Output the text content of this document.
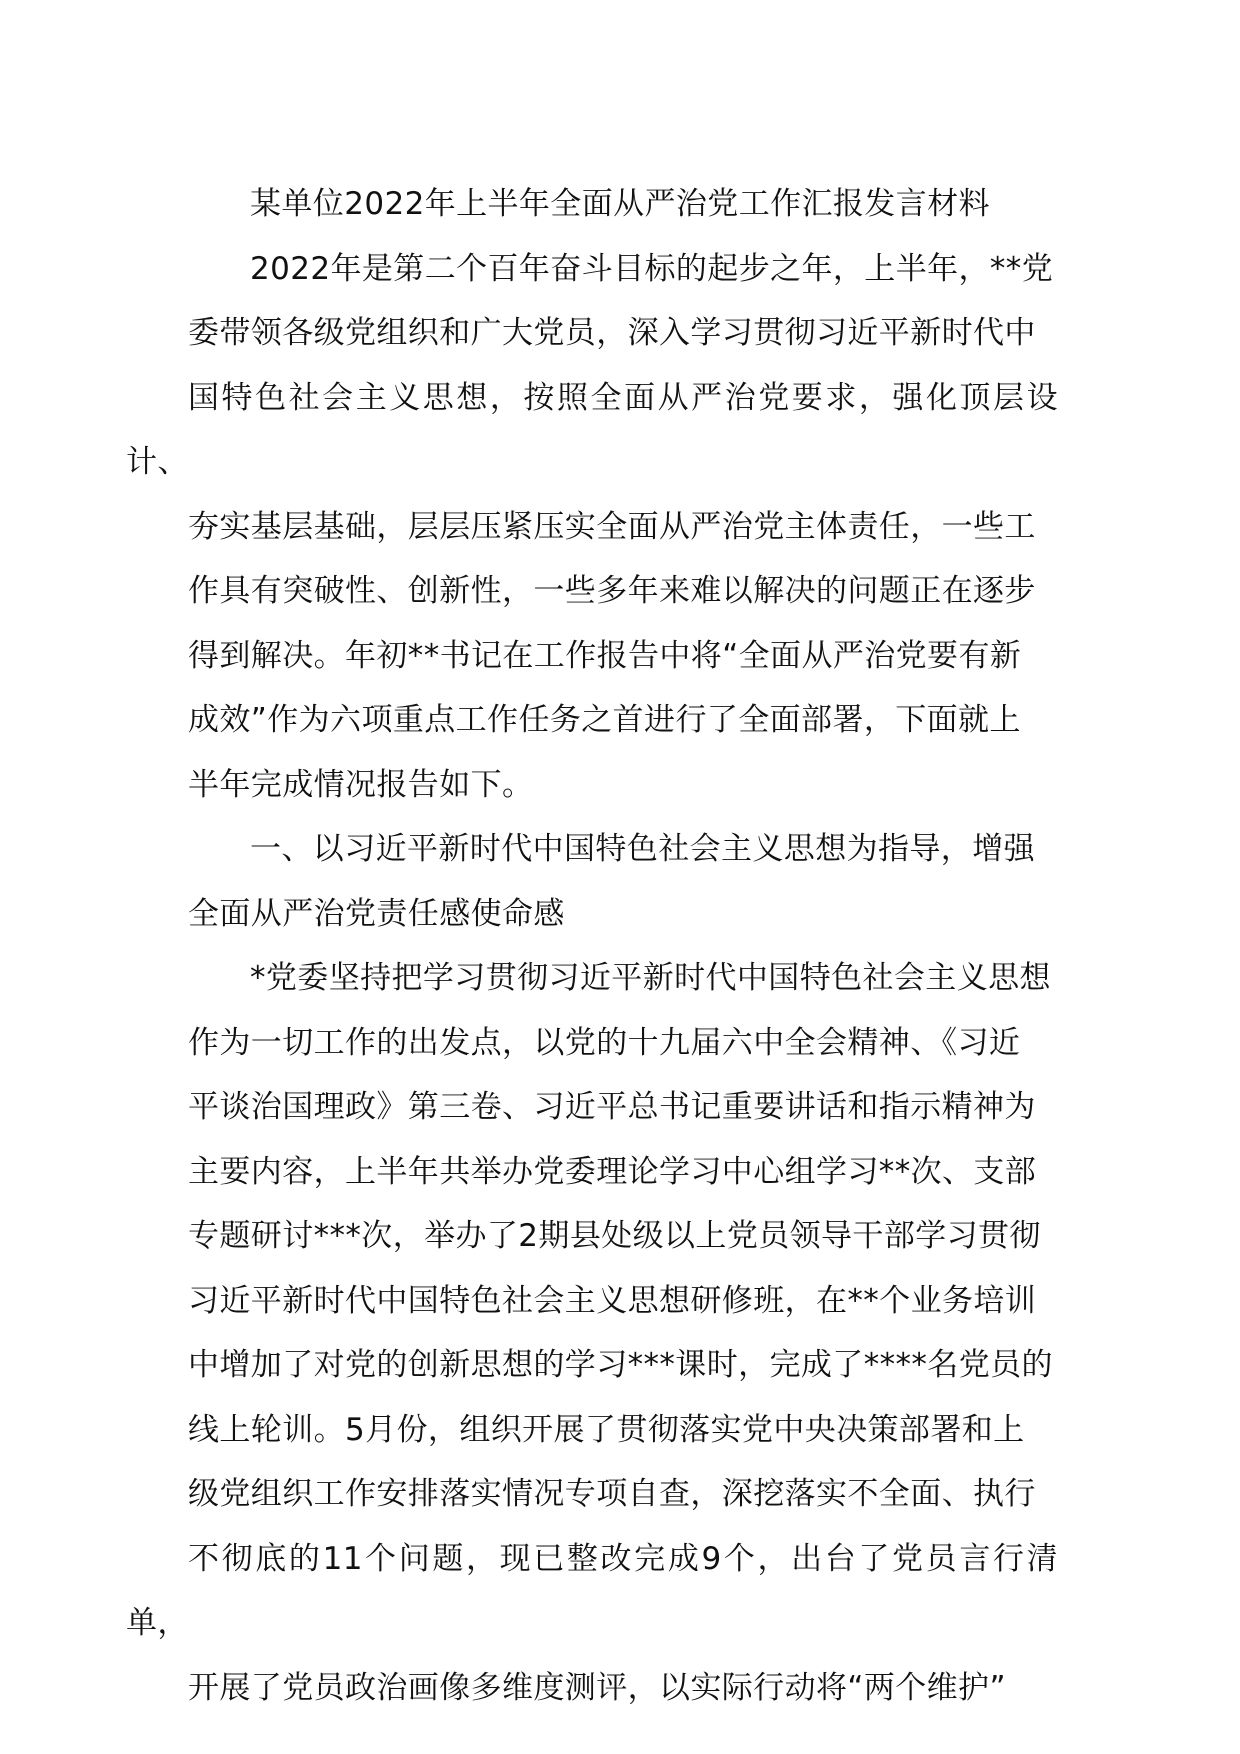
某单位2022年上半年全面从严治党工作汇报发言材料

2022年是第二个百年奋斗目标的起步之年，上半年，**党
委带领各级党组织和广大党员，深入学习贯彻习近平新时代中
国特色社会主义思想，按照全面从严治党要求，强化顶层设计、
夯实基层基础，层层压紧压实全面从严治党主体责任，一些工
作具有突破性、创新性，一些多年来难以解决的问题正在逐步
得到解决。年初**书记在工作报告中将“全面从严治党要有新
成效”作为六项重点工作任务之首进行了全面部署，下面就上
半年完成情况报告如下。

一、以习近平新时代中国特色社会主义思想为指导，增强
全面从严治党责任感使命感

*党委坚持把学习贯彻习近平新时代中国特色社会主义思想
作为一切工作的出发点，以党的十九届六中全会精神、《习近
平谈治国理政》第三卷、习近平总书记重要讲话和指示精神为
主要内容，上半年共举办党委理论学习中心组学习**次、支部
专题研讨***次，举办了2期县处级以上党员领导干部学习贯彻
习近平新时代中国特色社会主义思想研修班，在**个业务培训
中增加了对党的创新思想的学习***课时，完成了****名党员的
线上轮训。5月份，组织开展了贯彻落实党中央决策部署和上
级党组织工作安排落实情况专项自查，深挖落实不全面、执行
不彻底的11个问题，现已整改完成9个，出台了党员言行清单，
开展了党员政治画像多维度测评，以实际行动将“两个维护”
